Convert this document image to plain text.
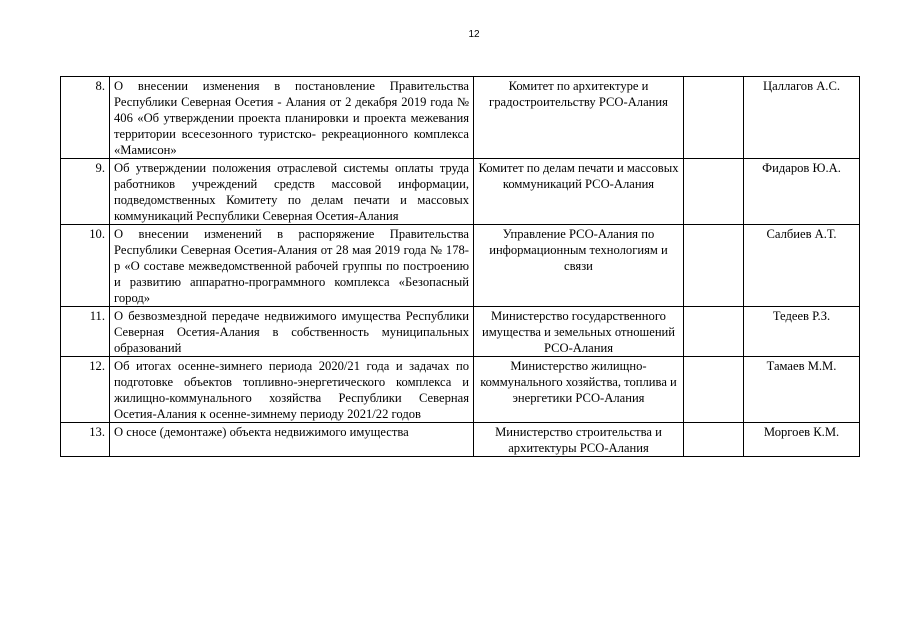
12
8.	О внесении изменения в постановление Правительства Республики Северная Осетия - Алания от 2 декабря 2019 года № 406 «Об утверждении проекта планировки и проекта межевания территории всесезонного туристско- рекреационного комплекса «Мамисон»	Комитет по архитектуре и градостроительству РСО-Алания		Цаллагов А.С.
9.	Об утверждении положения отраслевой системы оплаты труда работников учреждений средств массовой информации, подведомственных Комитету по делам печати и массовых коммуникаций Республики Северная Осетия-Алания	Комитет по делам печати и массовых коммуникаций РСО-Алания		Фидаров Ю.А.
10.	О внесении изменений в распоряжение Правительства Республики Северная Осетия-Алания от 28 мая 2019 года № 178-р «О составе межведомственной рабочей группы по построению и развитию аппаратно-программного комплекса «Безопасный город»	Управление РСО-Алания по информационным технологиям и связи		Салбиев А.Т.
11.	О безвозмездной передаче недвижимого имущества Республики Северная Осетия-Алания в собственность муниципальных образований	Министерство государственного имущества и земельных отношений РСО-Алания		Тедеев Р.З.
12.	Об итогах осенне-зимнего периода 2020/21 года и задачах по подготовке объектов топливно-энергетического комплекса и жилищно-коммунального хозяйства Республики Северная Осетия-Алания к осенне-зимнему периоду 2021/22 годов	Министерство жилищно-коммунального хозяйства, топлива и энергетики РСО-Алания		Тамаев М.М.
13.	О сносе (демонтаже) объекта недвижимого имущества	Министерство строительства и архитектуры РСО-Алания		Моргоев К.М.
